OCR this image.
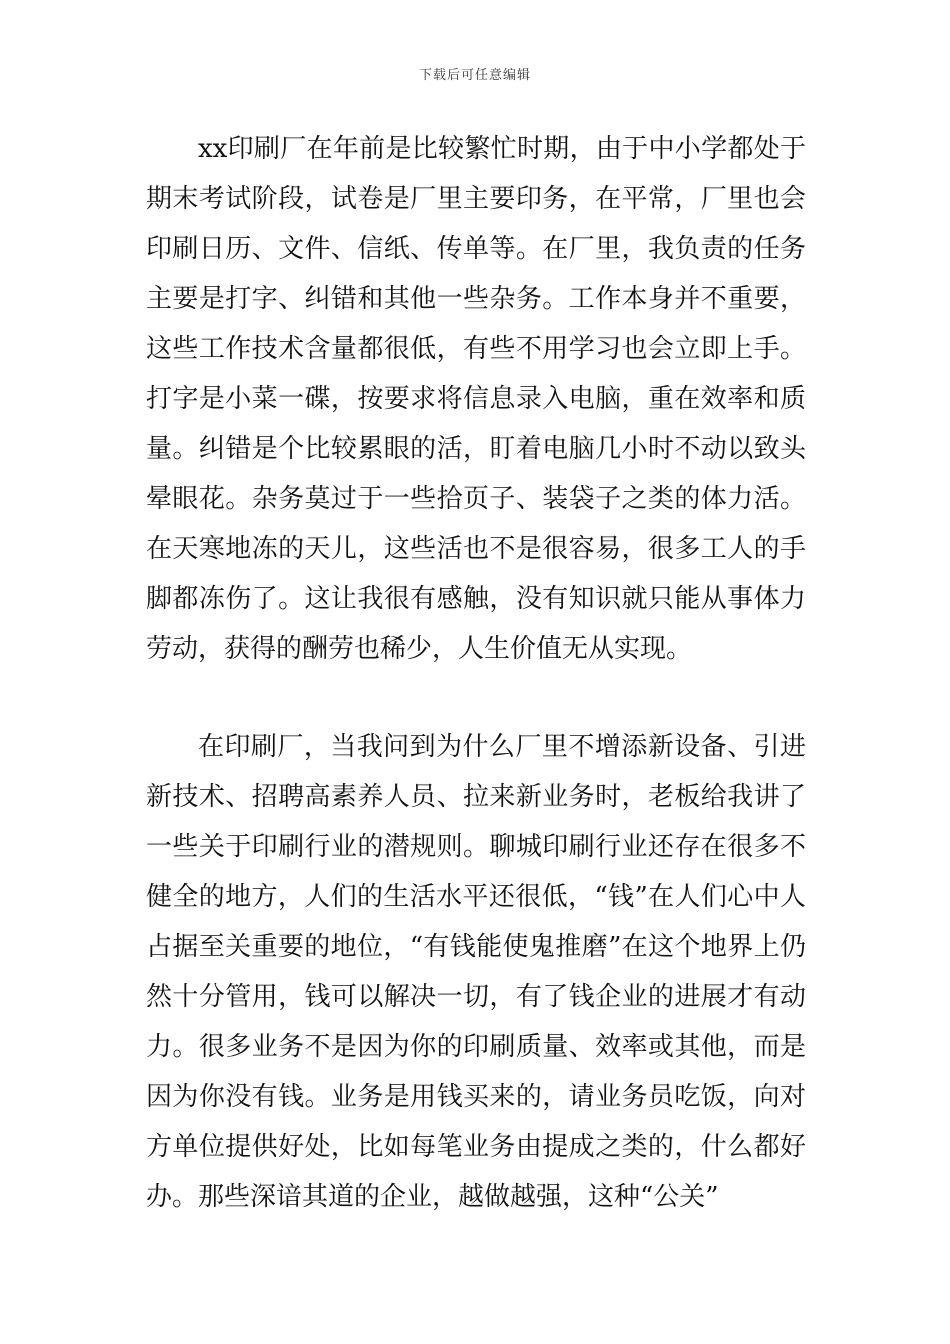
下载后可任意编辑

xx印刷厂在年前是比较繁忙时期，由于中小学都处于期末考试阶段，试卷是厂里主要印务，在平常，厂里也会印刷日历、文件、信纸、传单等。在厂里，我负责的任务主要是打字、纠错和其他一些杂务。工作本身并不重要，这些工作技术含量都很低，有些不用学习也会立即上手。打字是小菜一碟，按要求将信息录入电脑，重在效率和质量。纠错是个比较累眼的活，盯着电脑几小时不动以致头晕眼花。杂务莫过于一些拾页子、装袋子之类的体力活。在天寒地冻的天儿，这些活也不是很容易，很多工人的手脚都冻伤了。这让我很有感触，没有知识就只能从事体力劳动，获得的酬劳也稀少，人生价值无从实现。

在印刷厂，当我问到为什么厂里不增添新设备、引进新技术、招聘高素养人员、拉来新业务时，老板给我讲了一些关于印刷行业的潜规则。聊城印刷行业还存在很多不健全的地方，人们的生活水平还很低，“钱”在人们心中人占据至关重要的地位，“有钱能使鬼推磨”在这个地界上仍然十分管用，钱可以解决一切，有了钱企业的进展才有动力。很多业务不是因为你的印刷质量、效率或其他，而是因为你没有钱。业务是用钱买来的，请业务员吃饭，向对方单位提供好处，比如每笔业务由提成之类的，什么都好办。那些深谙其道的企业，越做越强，这种“公关”
